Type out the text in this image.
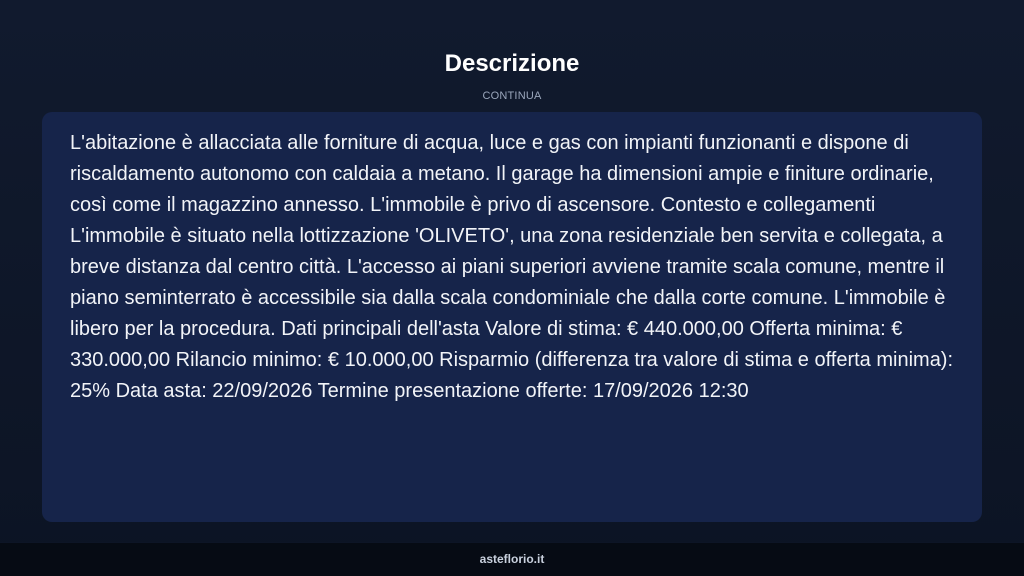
Descrizione
CONTINUA

L'abitazione è allacciata alle forniture di acqua, luce e gas con impianti funzionanti e dispone di riscaldamento autonomo con caldaia a metano. Il garage ha dimensioni ampie e finiture ordinarie, così come il magazzino annesso. L'immobile è privo di ascensore. Contesto e collegamenti L'immobile è situato nella lottizzazione 'OLIVETO', una zona residenziale ben servita e collegata, a breve distanza dal centro città. L'accesso ai piani superiori avviene tramite scala comune, mentre il piano seminterrato è accessibile sia dalla scala condominiale che dalla corte comune. L'immobile è libero per la procedura. Dati principali dell'asta Valore di stima: € 440.000,00 Offerta minima: € 330.000,00 Rilancio minimo: € 10.000,00 Risparmio (differenza tra valore di stima e offerta minima): 25% Data asta: 22/09/2026 Termine presentazione offerte: 17/09/2026 12:30

asteflorio.it
